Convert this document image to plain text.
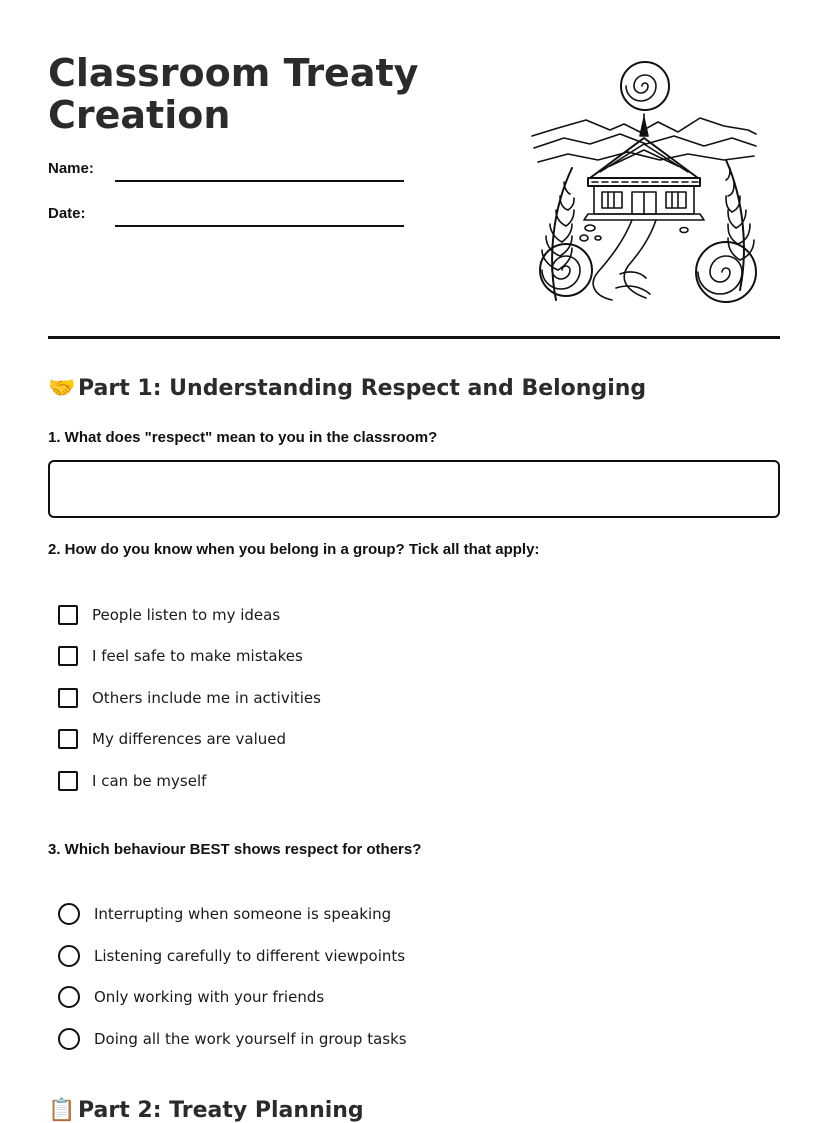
Classroom Treaty
Creation
Name:
Date:
🤝 Part 1: Understanding Respect and Belonging

1. What does "respect" mean to you in the classroom?

2. How do you know when you belong in a group? Tick all that apply:

People listen to my ideas
I feel safe to make mistakes
Others include me in activities
My differences are valued
I can be myself

3. Which behaviour BEST shows respect for others?

Interrupting when someone is speaking
Listening carefully to different viewpoints
Only working with your friends
Doing all the work yourself in group tasks
📋 Part 2: Treaty Planning
